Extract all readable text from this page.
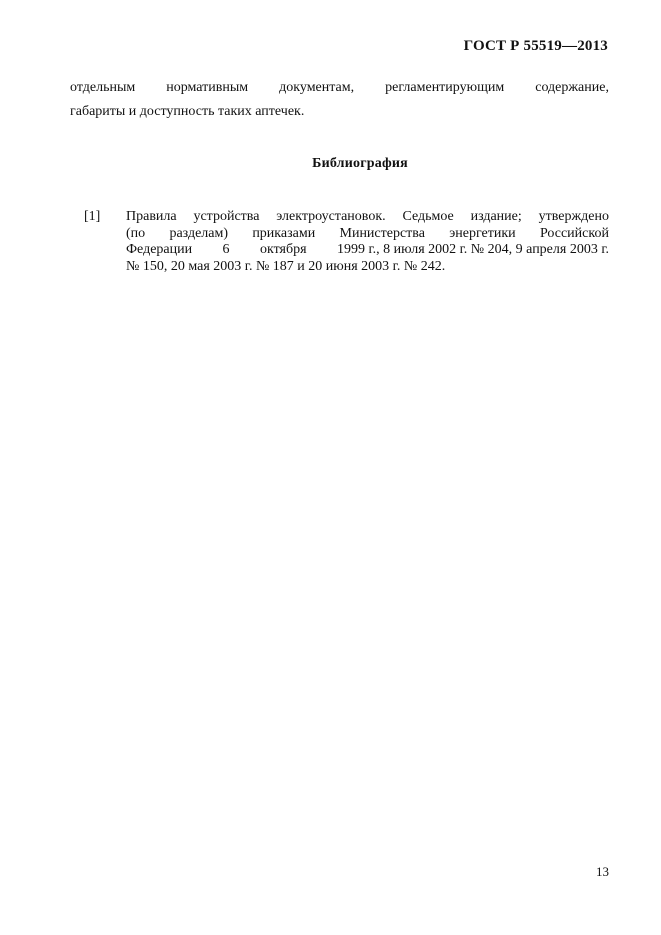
ГОСТ Р 55519—2013
отдельным нормативным документам, регламентирующим содержание,
габариты и доступность таких аптечек.
Библиография
[1]	Правила устройства электроустановок. Седьмое издание; утверждено
(по разделам) приказами Министерства энергетики Российской
Федерации 6 октября 1999 г., 8 июля 2002 г. № 204, 9 апреля 2003 г.
№ 150, 20 мая 2003 г. № 187 и 20 июня 2003 г. № 242.
13
